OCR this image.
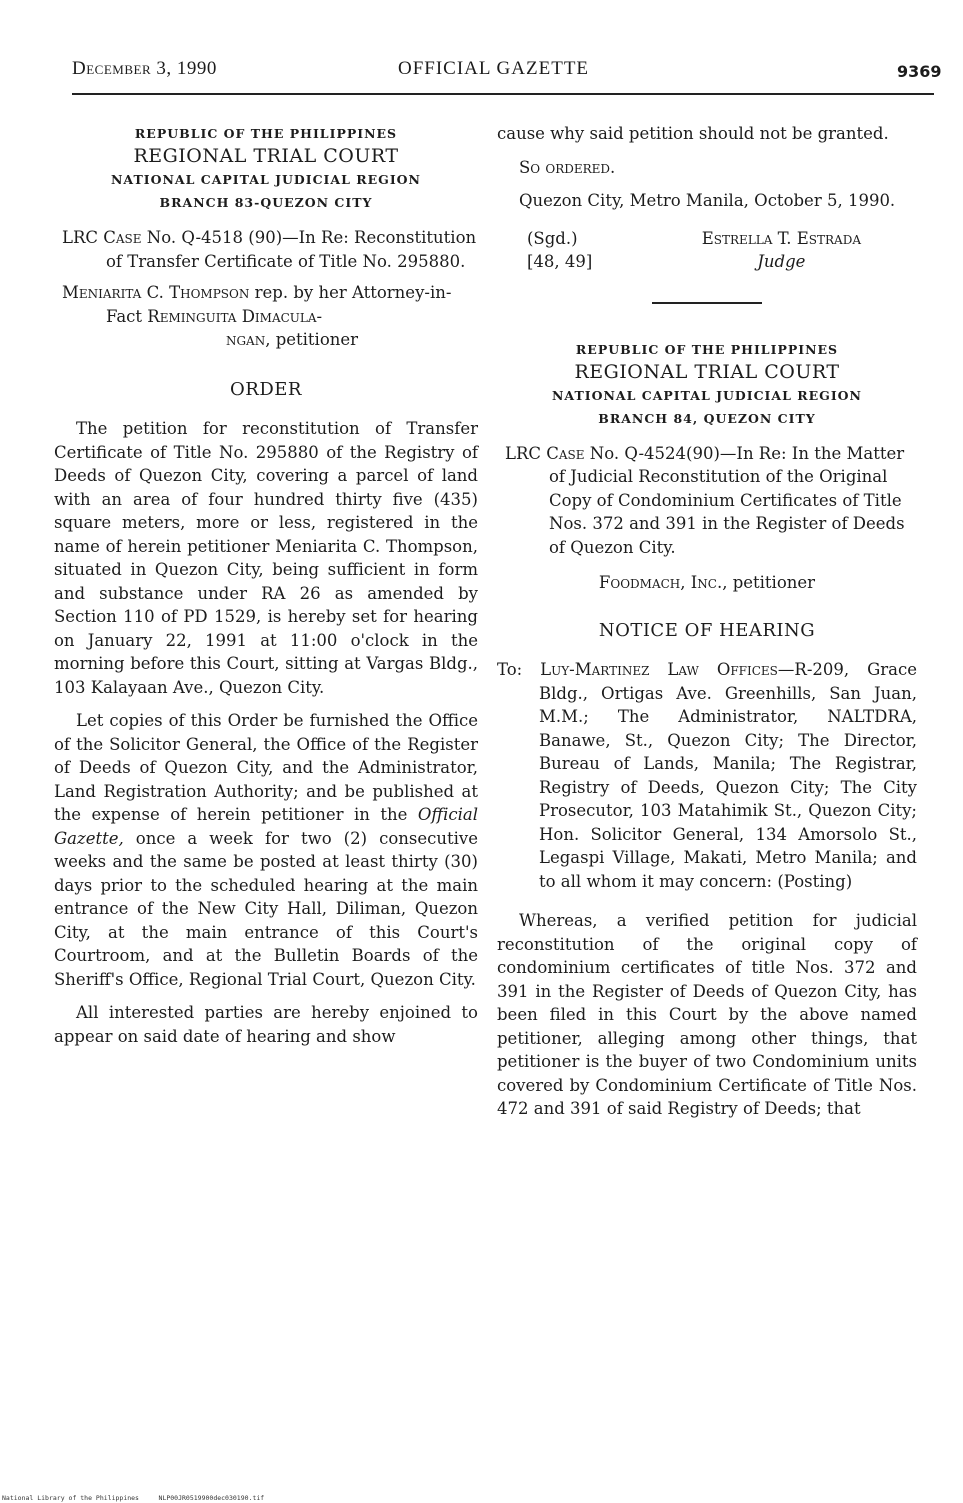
December 3, 1990	OFFICIAL GAZETTE	9369
REPUBLIC OF THE PHILIPPINES
REGIONAL TRIAL COURT
NATIONAL CAPITAL JUDICIAL REGION
BRANCH 83-QUEZON CITY
LRC Case No. Q-4518 (90)—In Re: Reconstitution of Transfer Certificate of Title No. 295880.
Meniarita C. Thompson rep. by her Attorney-in-Fact Reminguita Dimacula-
ngan, petitioner
ORDER

The petition for reconstitution of Transfer Certificate of Title No. 295880 of the Registry of Deeds of Quezon City, covering a parcel of land with an area of four hundred thirty five (435) square meters, more or less, registered in the name of herein petitioner Meniarita C. Thompson, situated in Quezon City, being sufficient in form and substance under RA 26 as amended by Section 110 of PD 1529, is hereby set for hearing on January 22, 1991 at 11:00 o'clock in the morning before this Court, sitting at Vargas Bldg., 103 Kalayaan Ave., Quezon City.

Let copies of this Order be furnished the Office of the Solicitor General, the Office of the Register of Deeds of Quezon City, and the Administrator, Land Registration Authority; and be published at the expense of herein petitioner in the Official Gazette, once a week for two (2) consecutive weeks and the same be posted at least thirty (30) days prior to the scheduled hearing at the main entrance of the New City Hall, Diliman, Quezon City, at the main entrance of this Court's Courtroom, and at the Bulletin Boards of the Sheriff's Office, Regional Trial Court, Quezon City.

All interested parties are hereby enjoined to appear on said date of hearing and show

cause why said petition should not be granted.

So ordered.

Quezon City, Metro Manila, October 5, 1990.

(Sgd.)
[48, 49]
Estrella T. Estrada
Judge
REPUBLIC OF THE PHILIPPINES
REGIONAL TRIAL COURT
NATIONAL CAPITAL JUDICIAL REGION
BRANCH 84, QUEZON CITY
LRC Case No. Q-4524(90)—In Re: In the Matter of Judicial Reconstitution of the Original Copy of Condominium Certificates of Title Nos. 372 and 391 in the Register of Deeds of Quezon City.
Foodmach, Inc., petitioner
NOTICE OF HEARING
To: Luy-Martinez Law Offices—R-209, Grace Bldg., Ortigas Ave. Greenhills, San Juan, M.M.; The Administrator, NALTDRA, Banawe, St., Quezon City; The Director, Bureau of Lands, Manila; The Registrar, Registry of Deeds, Quezon City; The City Prosecutor, 103 Matahimik St., Quezon City; Hon. Solicitor General, 134 Amorsolo St., Legaspi Village, Makati, Metro Manila; and to all whom it may concern: (Posting)

Whereas, a verified petition for judicial reconstitution of the original copy of condominium certificates of title Nos. 372 and 391 in the Register of Deeds of Quezon City, has been filed in this Court by the above named petitioner, alleging among other things, that petitioner is the buyer of two Condominium units covered by Condominium Certificate of Title Nos. 472 and 391 of said Registry of Deeds; that

National Library of the Philippines     NLP00JR0519900dec030190.tif
